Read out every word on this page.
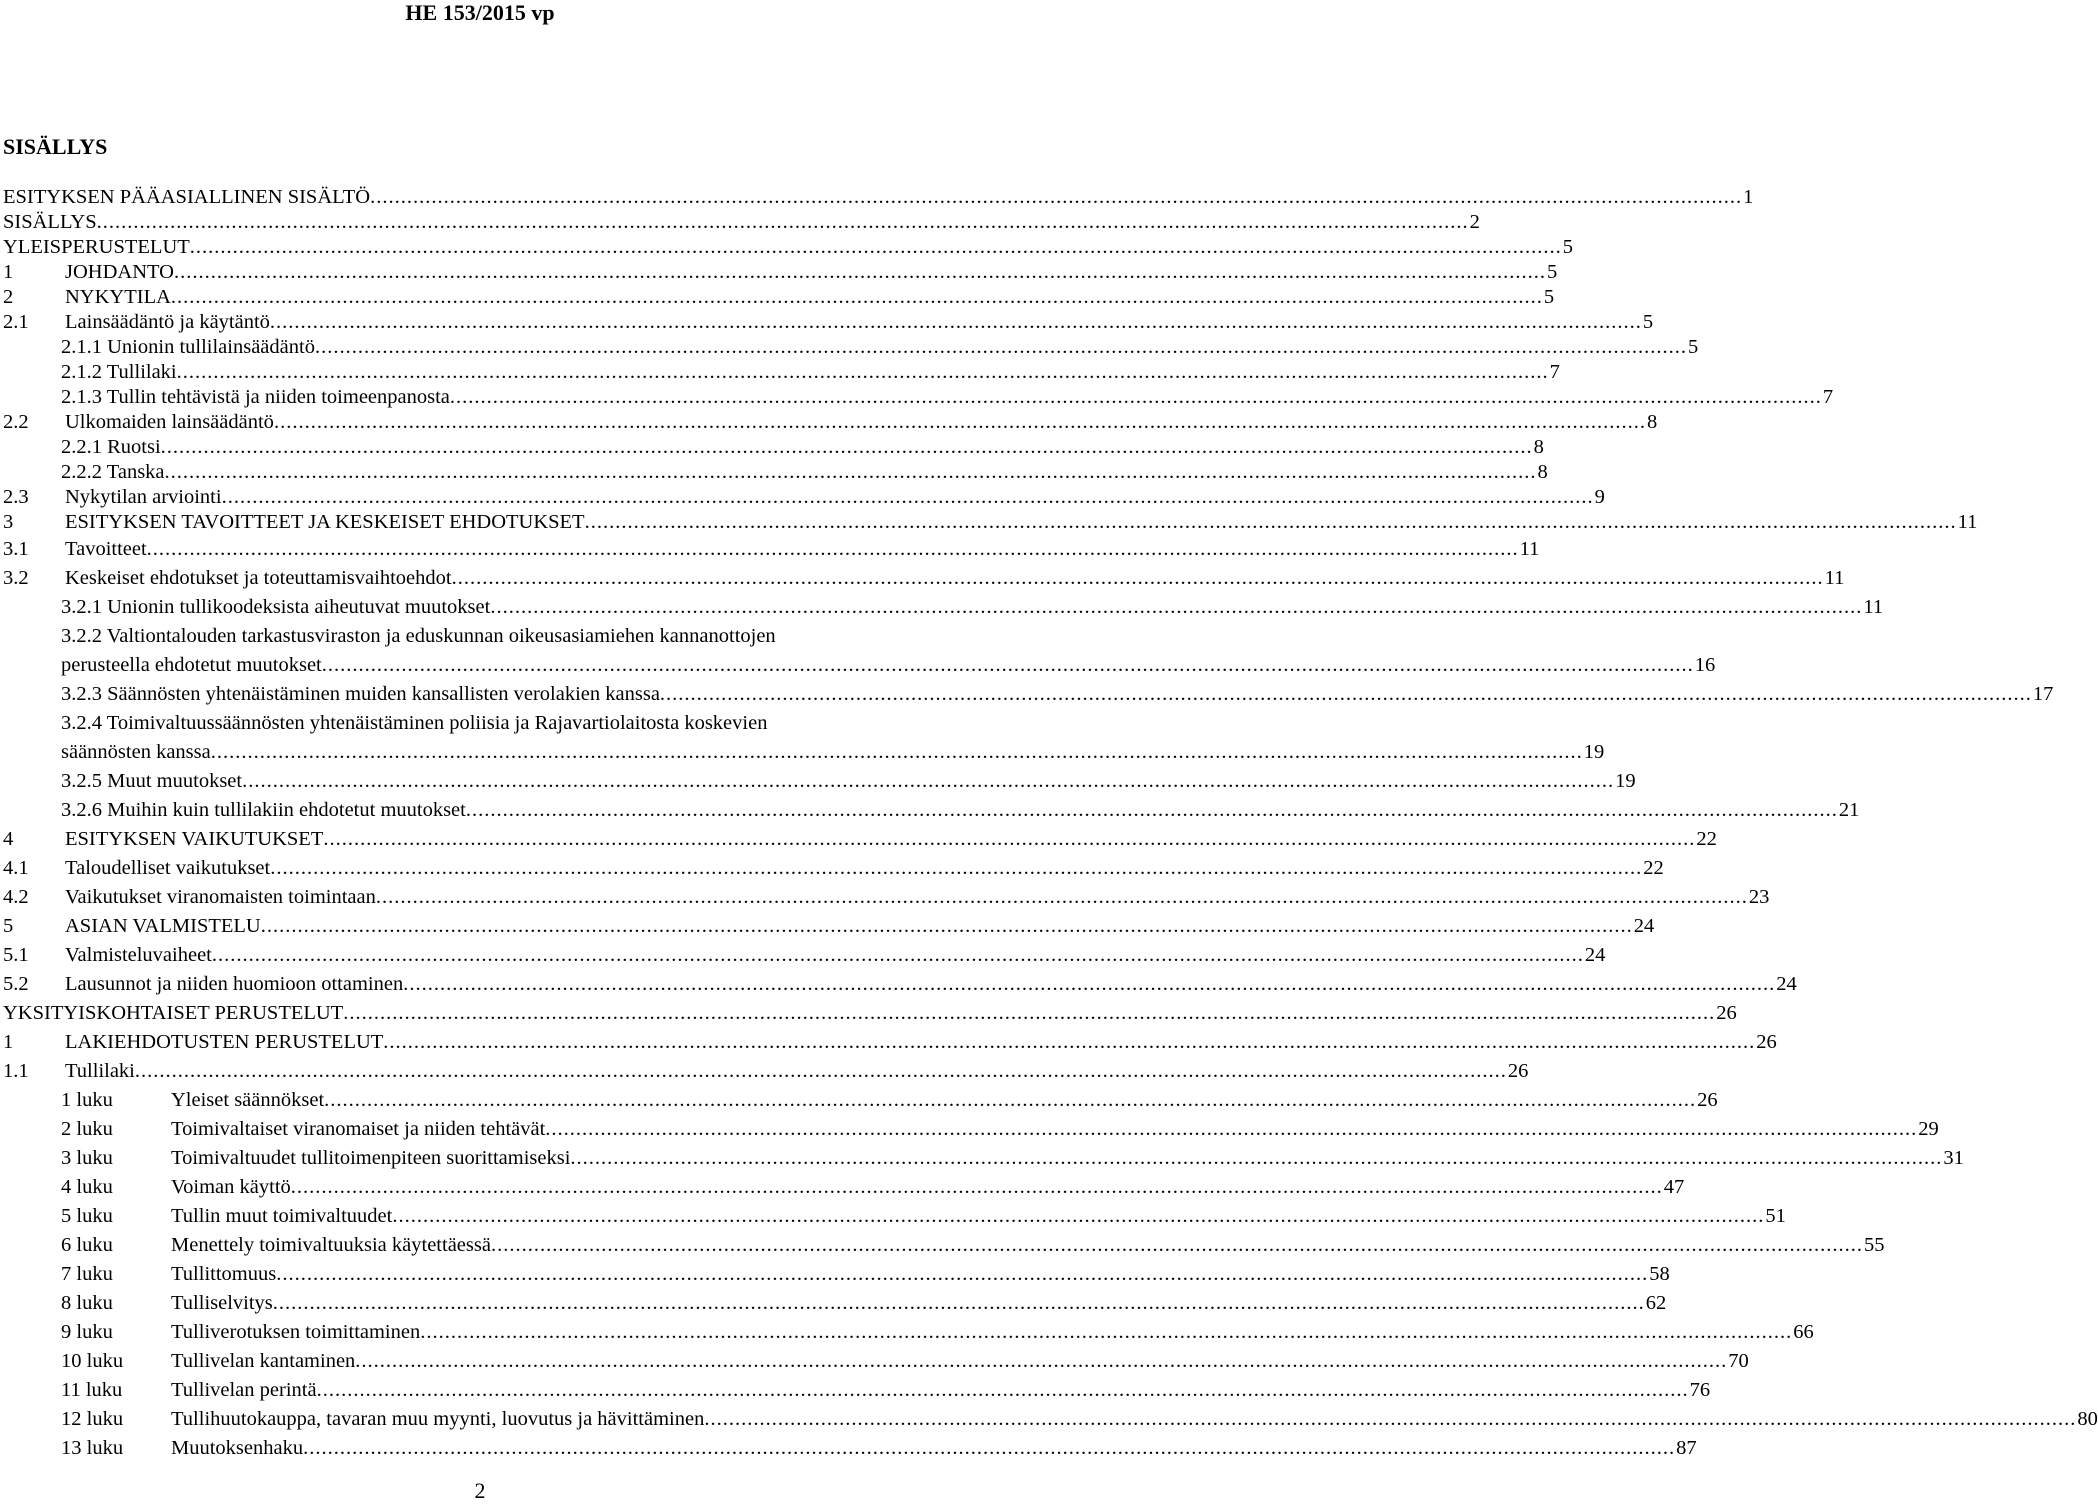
HE 153/2015 vp
SISÄLLYS
ESITYKSEN PÄÄASIALLINEN SISÄLTÖ .....	1
SISÄLLYS .....	2
YLEISPERUSTELUT .....	5
1	JOHDANTO .....	5
2	NYKYTILA .....	5
2.1	Lainsäädäntö ja käytäntö .....	5
2.1.1 Unionin tullilainsäädäntö .....	5
2.1.2 Tullilaki .....	7
2.1.3 Tullin tehtävistä ja niiden toimeenpanosta .....	7
2.2	Ulkomaiden lainsäädäntö .....	8
2.2.1 Ruotsi .....	8
2.2.2 Tanska .....	8
2.3	Nykytilan arviointi .....	9
3	ESITYKSEN TAVOITTEET JA KESKEISET EHDOTUKSET .....	11
3.1	Tavoitteet .....	11
3.2	Keskeiset ehdotukset ja toteuttamisvaihtoehdot .....	11
3.2.1 Unionin tullikoodeksista aiheutuvat muutokset .....	11
3.2.2 Valtiontalouden tarkastusviraston ja eduskunnan oikeusasiamiehen kannanottojen
perusteella ehdotetut muutokset .....	16
3.2.3 Säännösten yhtenäistäminen muiden kansallisten verolakien kanssa .....	17
3.2.4 Toimivaltuussäännösten yhtenäistäminen poliisia ja Rajavartiolaitosta koskevien
säännösten kanssa .....	19
3.2.5 Muut muutokset .....	19
3.2.6 Muihin kuin tullilakiin ehdotetut muutokset .....	21
4	ESITYKSEN VAIKUTUKSET .....	22
4.1	Taloudelliset vaikutukset .....	22
4.2	Vaikutukset viranomaisten toimintaan .....	23
5	ASIAN VALMISTELU .....	24
5.1	Valmisteluvaiheet .....	24
5.2	Lausunnot ja niiden huomioon ottaminen .....	24
YKSITYISKOHTAISET PERUSTELUT .....	26
1	LAKIEHDOTUSTEN PERUSTELUT .....	26
1.1	Tullilaki .....	26
1 luku	Yleiset säännökset .....	26
2 luku	Toimivaltaiset viranomaiset ja niiden tehtävät .....	29
3 luku	Toimivaltuudet tullitoimenpiteen suorittamiseksi .....	31
4 luku	Voiman käyttö .....	47
5 luku	Tullin muut toimivaltuudet .....	51
6 luku	Menettely toimivaltuuksia käytettäessä .....	55
7 luku	Tullittomuus .....	58
8 luku	Tulliselvitys .....	62
9 luku	Tulliverotuksen toimittaminen .....	66
10 luku	Tullivelan kantaminen .....	70
11 luku	Tullivelan perintä .....	76
12 luku	Tullihuutokauppa, tavaran muu myynti, luovutus ja hävittäminen .....	80
13 luku	Muutoksenhaku .....	87
2
